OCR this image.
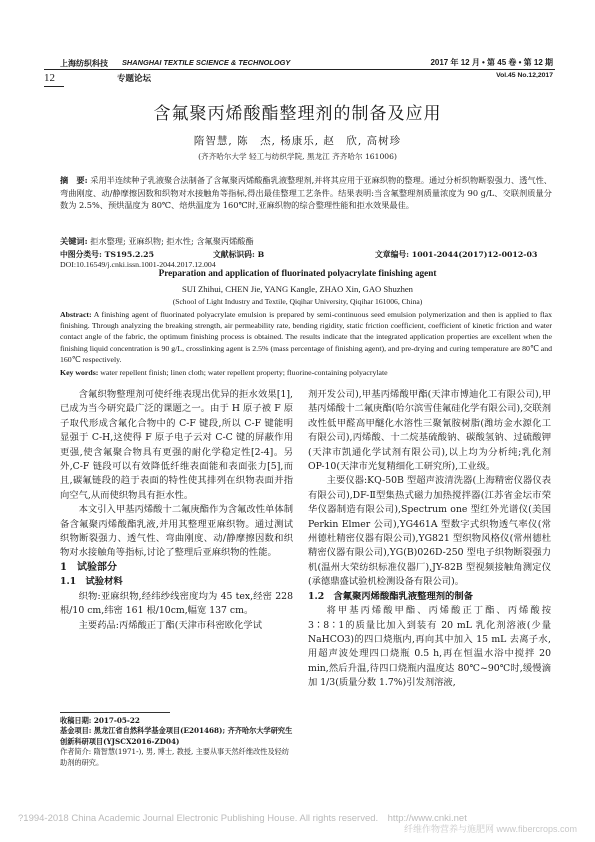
上海纺织科技 SHANGHAI TEXTILE SCIENCE & TECHNOLOGY	2017 年 12 月 • 第 45 卷 • 第 12 期
12	专题论坛	Vol.45 No.12,2017
含氟聚丙烯酸酯整理剂的制备及应用
隋智慧, 陈　杰, 杨康乐, 赵　欣, 高树珍
(齐齐哈尔大学 轻工与纺织学院, 黑龙江 齐齐哈尔 161006)
摘　要: 采用半连续种子乳液聚合法制备了含氟聚丙烯酸酯乳液整理剂,并将其应用于亚麻织物的整理。通过分析织物断裂强力、透气性、弯曲刚度、动/静摩擦因数和织物对水接触角等指标,得出最佳整理工艺条件。结果表明:当含氟整理剂质量浓度为 90 g/L、交联剂质量分数为 2.5%、预烘温度为 80℃、焙烘温度为 160℃时,亚麻织物的综合整理性能和拒水效果最佳。
关键词: 拒水整理; 亚麻织物; 拒水性; 含氟聚丙烯酸酯
中图分类号: TS195.2.25	文献标识码: B	文章编号: 1001-2044(2017)12-0012-03
DOI:10.16549/j.cnki.issn.1001-2044.2017.12.004
Preparation and application of fluorinated polyacrylate finishing agent
SUI Zhihui, CHEN Jie, YANG Kangle, ZHAO Xin, GAO Shuzhen
(School of Light Industry and Textile, Qiqihar University, Qiqihar 161006, China)
Abstract: A finishing agent of fluorinated polyacrylate emulsion is prepared by semi-continuous seed emulsion polymerization and then is applied to flax finishing. Through analyzing the breaking strength, air permeability rate, bending rigidity, static friction coefficient, coefficient of kinetic friction and water contact angle of the fabric, the optimum finishing process is obtained. The results indicate that the integrated application properties are excellent when the finishing liquid concentration is 90 g/L, crosslinking agent is 2.5% (mass percentage of finishing agent), and pre-drying and curing temperature are 80℃ and 160℃ respectively.
Key words: water repellent finish; linen cloth; water repellent property; fluorine-containing polyacrylate

含氟织物整理剂可使纤维表现出优异的拒水效果[1],已成为当今研究最广泛的课题之一。由于 H 原子被 F 原子取代形成含氟化合物中的 C-F 键段,所以 C-F 键能明显强于 C-H,这使得 F 原子电子云对 C-C 键的屏蔽作用更强,使含氟聚合物具有更强的耐化学稳定性[2-4]。另外,C-F 链段可以有效降低纤维表面能和表面张力[5],而且,碳氟链段的趋于表面的特性使其排列在织物表面并指向空气,从而使织物具有拒水性。

本文引入甲基丙烯酸十二氟庚酯作为含氟改性单体制备含氟聚丙烯酸酯乳液,并用其整理亚麻织物。通过测试织物断裂强力、透气性、弯曲刚度、动/静摩擦因数和织物对水接触角等指标,讨论了整理后亚麻织物的性能。

1　试验部分

1.1　试验材料

织物:亚麻织物,经纬纱线密度均为 45 tex,经密 228 根/10 cm,纬密 161 根/10cm,幅宽 137 cm。

主要药品:丙烯酸正丁酯(天津市科密欧化学试

收稿日期: 2017-05-22
基金项目: 黑龙江省自然科学基金项目(E201468); 齐齐哈尔大学研究生创新科研项目(YJSCX2016-ZD04)
作者简介: 隋智慧(1971-), 男, 博士, 教授, 主要从事天然纤维改性及轻纺助剂的研究。

剂开发公司),甲基丙烯酸甲酯(天津市博迪化工有限公司),甲基丙烯酸十二氟庚酯(哈尔滨雪佳氟硅化学有限公司),交联剂改性低甲醛高甲醚化水溶性三聚氰胺树脂(潍坊金水源化工有限公司),丙烯酸、十二烷基硫酸钠、碳酸氢钠、过硫酸钾(天津市凯通化学试剂有限公司),以上均为分析纯;乳化剂 OP-10(天津市光复精细化工研究所),工业级。

主要仪器:KQ-50B 型超声波清洗器(上海精密仪器仪表有限公司),DF-Ⅱ型集热式磁力加热搅拌器(江苏省金坛市荣华仪器制造有限公司),Spectrum one 型红外光谱仪(美国 Perkin Elmer 公司),YG461A 型数字式织物透气率仪(常州德杜精密仪器有限公司),YG821 型织物风格仪(常州德杜精密仪器有限公司),YG(B)026D-250 型电子织物断裂强力机(温州大荣纺织标准仪器厂),JY-82B 型视频接触角测定仪(承德鼎盛试验机检测设备有限公司)。

1.2　含氟聚丙烯酸酯乳液整理剂的制备

将甲基丙烯酸甲酯、丙烯酸正丁酯、丙烯酸按 3∶8∶1的质量比加入到装有 20 mL 乳化剂溶液(少量 NaHCO3)的四口烧瓶内,再向其中加入 15 mL 去离子水,用超声波处理四口烧瓶 0.5 h,再在恒温水浴中搅拌 20 min,然后升温,待四口烧瓶内温度达 80℃~90℃时,缓慢滴加 1/3(质量分数 1.7%)引发剂溶液,

?1994-2018 China Academic Journal Electronic Publishing House. All rights reserved.　http://www.cnki.net
纤维作物营养与施肥网 www.fibercrops.com
